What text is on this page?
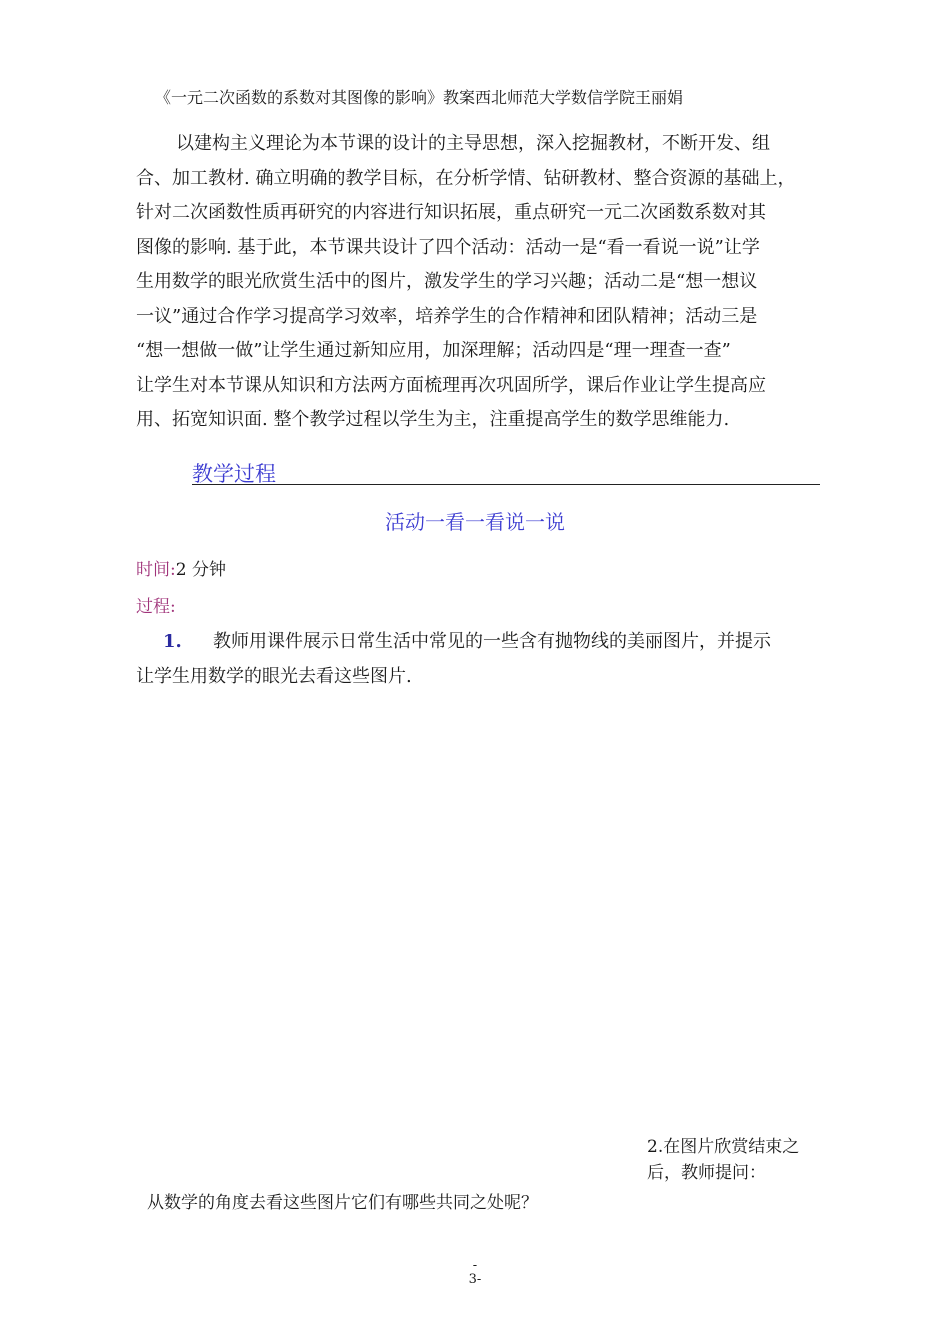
《一元二次函数的系数对其图像的影响》教案西北师范大学数信学院王丽娟
以建构主义理论为本节课的设计的主导思想，深入挖掘教材，不断开发、组
合、加工教材. 确立明确的教学目标，在分析学情、钻研教材、整合资源的基础上，
针对二次函数性质再研究的内容进行知识拓展，重点研究一元二次函数系数对其
图像的影响. 基于此，本节课共设计了四个活动：活动一是“看一看说一说”让学
生用数学的眼光欣赏生活中的图片，激发学生的学习兴趣；活动二是“想一想议
一议”通过合作学习提高学习效率，培养学生的合作精神和团队精神；活动三是
“想一想做一做”让学生通过新知应用，加深理解；活动四是“理一理查一查”
让学生对本节课从知识和方法两方面梳理再次巩固所学，课后作业让学生提高应
用、拓宽知识面. 整个教学过程以学生为主，注重提高学生的数学思维能力.
教学过程
活动一看一看说一说
时间:2 分钟
过程:
1. 教师用课件展示日常生活中常见的一些含有抛物线的美丽图片，并提示
让学生用数学的眼光去看这些图片.
2.在图片欣赏结束之
后，教师提问：
从数学的角度去看这些图片它们有哪些共同之处呢？
-
3-
